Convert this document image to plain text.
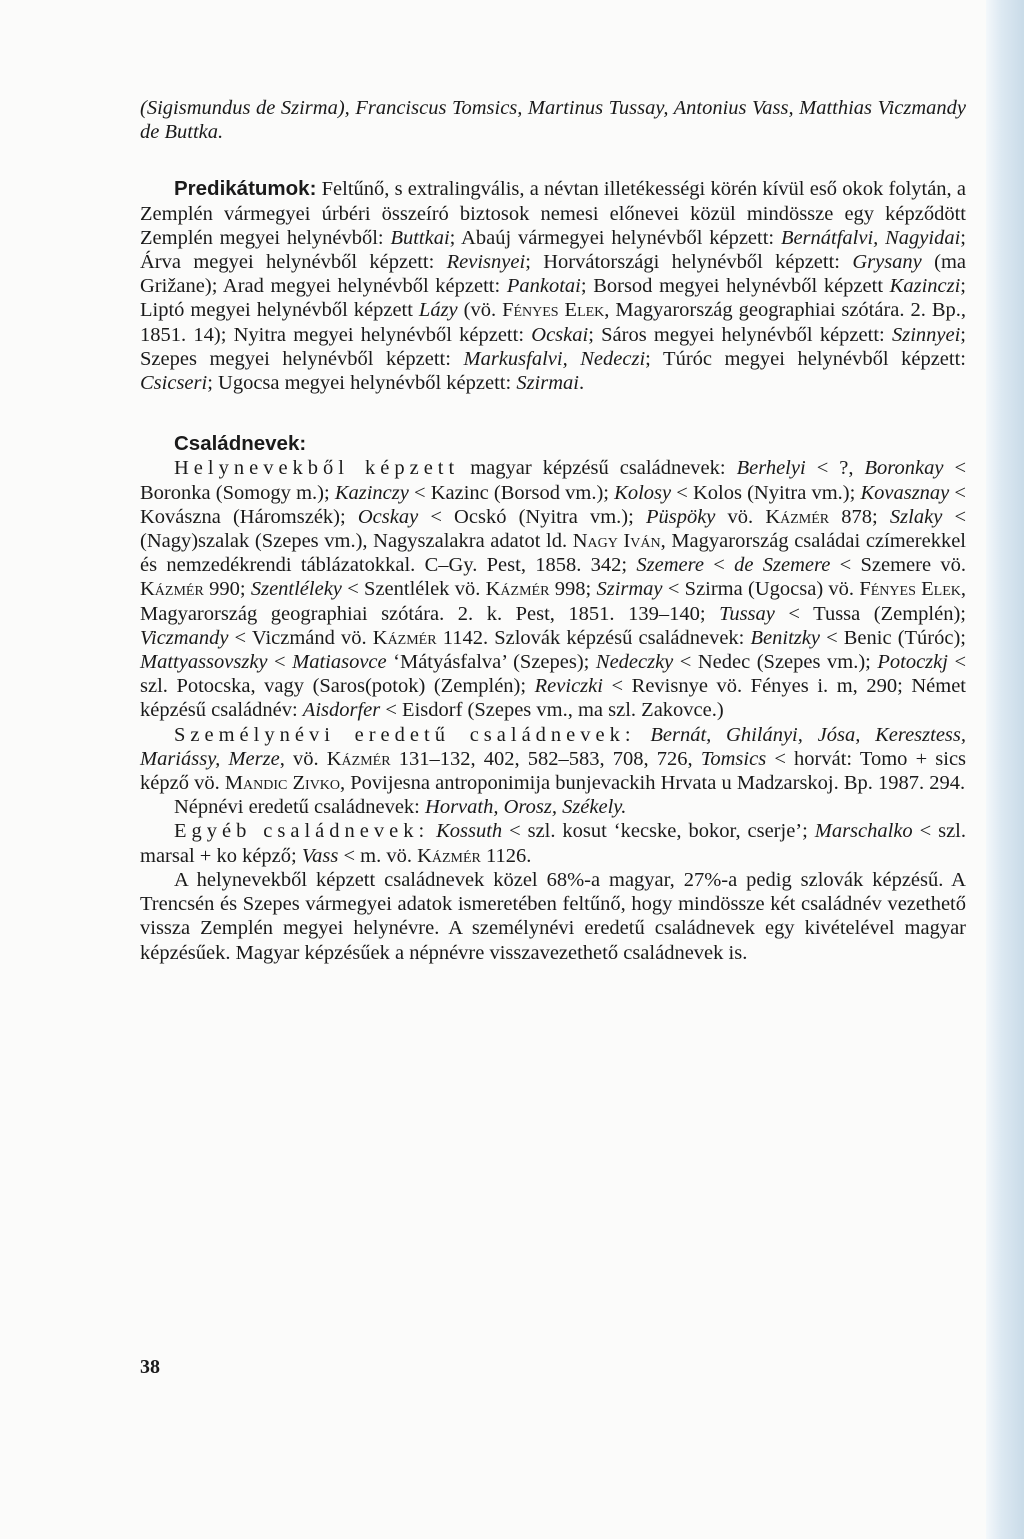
(Sigismundus de Szirma), Franciscus Tomsics, Martinus Tussay, Antonius Vass, Matthias Viczmandy de Buttka.

Predikátumok: Feltűnő, s extralingvális, a névtan illetékességi körén kívül eső okok folytán, a Zemplén vármegyei úrbéri összeíró biztosok nemesi előnevei közül mindössze egy képződött Zemplén megyei helynévből: Buttkai; Abaúj vármegyei helynévből képzett: Bernátfalvi, Nagyidai; Árva megyei helynévből képzett: Revisnyei; Horvátországi helynévből képzett: Grysany (ma Grižane); Arad megyei helynévből képzett: Pankotai; Borsod megyei helynévből képzett Kazinczi; Liptó megyei helynévből képzett Lázy (vö. Fényes Elek, Magyarország geographiai szótára. 2. Bp., 1851. 14); Nyitra megyei helynévből képzett: Ocskai; Sáros megyei helynévből képzett: Szinnyei; Szepes megyei helynévből képzett: Markusfalvi, Nedeczi; Túróc megyei helynévből képzett: Csicseri; Ugocsa megyei helynévből képzett: Szirmai.

Családnevek:

Helynevekből képzett magyar képzésű családnevek: Berhelyi < ?, Boronkay < Boronka (Somogy m.); Kazinczy < Kazinc (Borsod vm.); Kolosy < Kolos (Nyitra vm.); Kovasznay < Kovászna (Háromszék); Ocskay < Ocskó (Nyitra vm.); Püspöky vö. Kázmér 878; Szlaky < (Nagy)szalak (Szepes vm.), Nagyszalakra adatot ld. Nagy Iván, Magyarország családai czímerekkel és nemzedékrendi táblázatokkal. C–Gy. Pest, 1858. 342; Szemere < de Szemere < Szemere vö. Kázmér 990; Szentléleky < Szentlélek vö. Kázmér 998; Szirmay < Szirma (Ugocsa) vö. Fényes Elek, Magyarország geographiai szótára. 2. k. Pest, 1851. 139–140; Tussay < Tussa (Zemplén); Viczmandy < Viczmánd vö. Kázmér 1142. Szlovák képzésű családnevek: Benitzky < Benic (Túróc); Mattyassovszky < Matiasovce ‘Mátyásfalva’ (Szepes); Nedeczky < Nedec (Szepes vm.); Potoczkj < szl. Potocska, vagy (Saros(potok) (Zemplén); Reviczki < Revisnye vö. Fényes i. m, 290; Német képzésű családnév: Aisdorfer < Eisdorf (Szepes vm., ma szl. Zakovce.)

Személynévi eredetű családnevek: Bernát, Ghilányi, Jósa, Keresztess, Mariássy, Merze, vö. Kázmér 131–132, 402, 582–583, 708, 726, Tomsics < horvát: Tomo + sics képző vö. Mandic Zivko, Povijesna antroponimija bunjevackih Hrvata u Madzarskoj. Bp. 1987. 294.

Népnévi eredetű családnevek: Horvath, Orosz, Székely.

Egyéb családnevek: Kossuth < szl. kosut ‘kecske, bokor, cserje’; Marschalko < szl. marsal + ko képző; Vass < m. vö. Kázmér 1126.

A helynevekből képzett családnevek közel 68%-a magyar, 27%-a pedig szlovák képzésű. A Trencsén és Szepes vármegyei adatok ismeretében feltűnő, hogy mindössze két családnév vezethető vissza Zemplén megyei helynévre. A személynévi eredetű családnevek egy kivételével magyar képzésűek. Magyar képzésűek a népnévre visszavezethető családnevek is.

38
